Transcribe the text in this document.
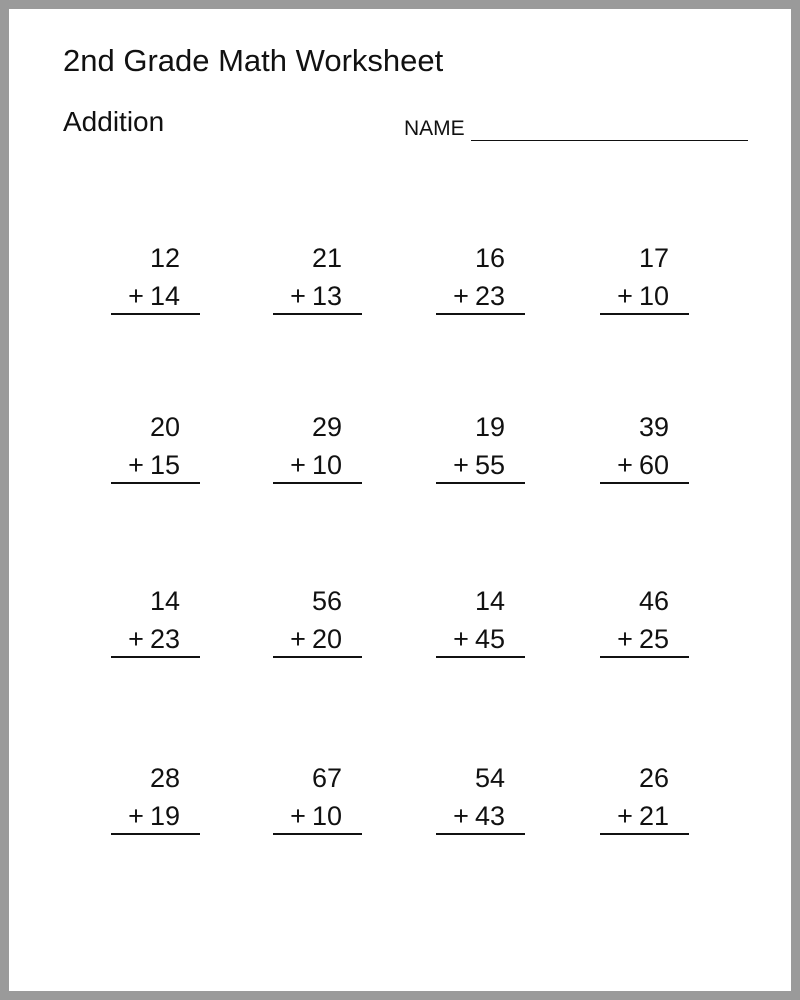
2nd Grade Math Worksheet
Addition	NAME
12
+ 14
21
+ 13
16
+ 23
17
+ 10
20
+ 15
29
+ 10
19
+ 55
39
+ 60
14
+ 23
56
+ 20
14
+ 45
46
+ 25
28
+ 19
67
+ 10
54
+ 43
26
+ 21
